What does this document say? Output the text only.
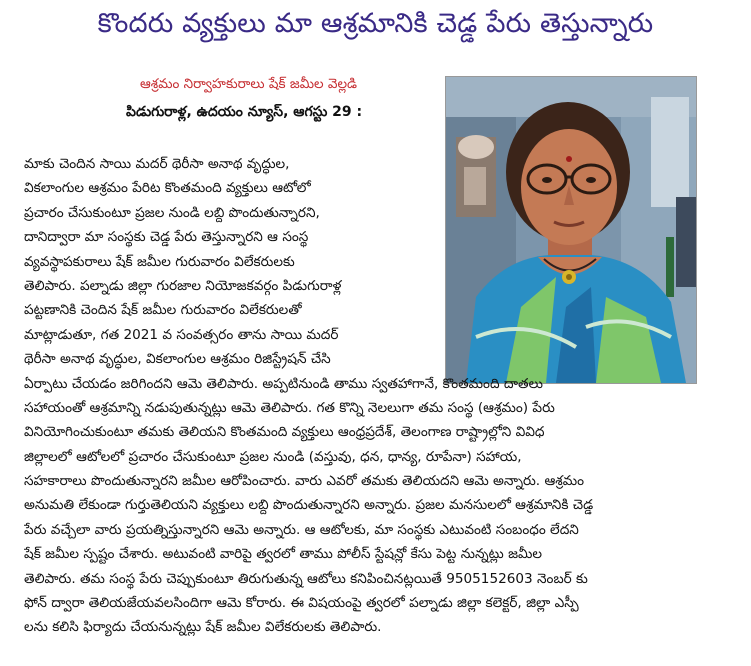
కొందరు వ్యక్తులు మా ఆశ్రమానికి చెడ్డ పేరు తెస్తున్నారు
ఆశ్రమం నిర్వాహకురాలు షేక్ జమీల వెల్లడి
పిడుగురాళ్ల, ఉదయం న్యూస్, ఆగస్టు 29 :
మాకు చెందిన సాయి మదర్ థెరీసా అనాథ వృద్ధుల,
వికలాంగుల ఆశ్రమం పేరిట కొంతమంది వ్యక్తులు ఆటోలో
ప్రచారం చేసుకుంటూ ప్రజల నుండి లబ్ది పొందుతున్నారని,
దానిద్వారా మా సంస్థకు చెడ్డ పేరు తెస్తున్నారని ఆ సంస్థ
వ్యవస్థాపకురాలు షేక్ జమీల గురువారం విలేకరులకు
తెలిపారు. పల్నాడు జిల్లా గురజాల నియోజకవర్గం పిడుగురాళ్ల
పట్టణానికి చెందిన షేక్ జమీల గురువారం విలేకరులతో
మాట్లాడుతూ, గత 2021 వ సంవత్సరం తాను సాయి మదర్
థెరీసా అనాథ వృద్ధుల, వికలాంగుల ఆశ్రమం రిజిస్ట్రేషన్ చేసి
ఏర్పాటు చేయడం జరిగిందని ఆమె తెలిపారు. అప్పటినుండి తాము స్వతహాగానే, కొంతమంది దాతలు
సహాయంతో ఆశ్రమాన్ని నడుపుతున్నట్లు ఆమె తెలిపారు. గత కొన్ని నెలలుగా తమ సంస్థ (ఆశ్రమం) పేరు
వినియోగించుకుంటూ తమకు తెలియని కొంతమంది వ్యక్తులు ఆంధ్రప్రదేశ్, తెలంగాణ రాష్ట్రాల్లోని వివిధ
జిల్లాలలో ఆటోలలో ప్రచారం చేసుకుంటూ ప్రజల నుండి (వస్తువు, ధన, ధాన్య, రూపేనా) సహాయ,
సహకారాలు పొందుతున్నారని జమీల ఆరోపించారు. వారు ఎవరో తమకు తెలియదని ఆమె అన్నారు. ఆశ్రమం
అనుమతి లేకుండా గుర్తుతెలియని వ్యక్తులు లబ్ది పొందుతున్నారని అన్నారు. ప్రజల మనసులలో ఆశ్రమానికి చెడ్డ
పేరు వచ్చేలా వారు ప్రయత్నిస్తున్నారని ఆమె అన్నారు. ఆ ఆటోలకు, మా సంస్థకు ఎటువంటి సంబంధం లేదని
షేక్ జమీల స్పష్టం చేశారు. అటువంటి వారిపై త్వరలో తాము పోలీస్ స్టేషన్లో కేసు పెట్ట నున్నట్లు జమీల
తెలిపారు. తమ సంస్థ పేరు చెప్పుకుంటూ తిరుగుతున్న ఆటోలు కనిపించినట్లయితే 9505152603 నెంబర్ కు
ఫోన్ ద్వారా తెలియజేయవలసిందిగా ఆమె కోరారు. ఈ విషయంపై త్వరలో పల్నాడు జిల్లా కలెక్టర్, జిల్లా ఎస్పీ
లను కలిసి ఫిర్యాదు చేయనున్నట్లు షేక్ జమీల విలేకరులకు తెలిపారు.
